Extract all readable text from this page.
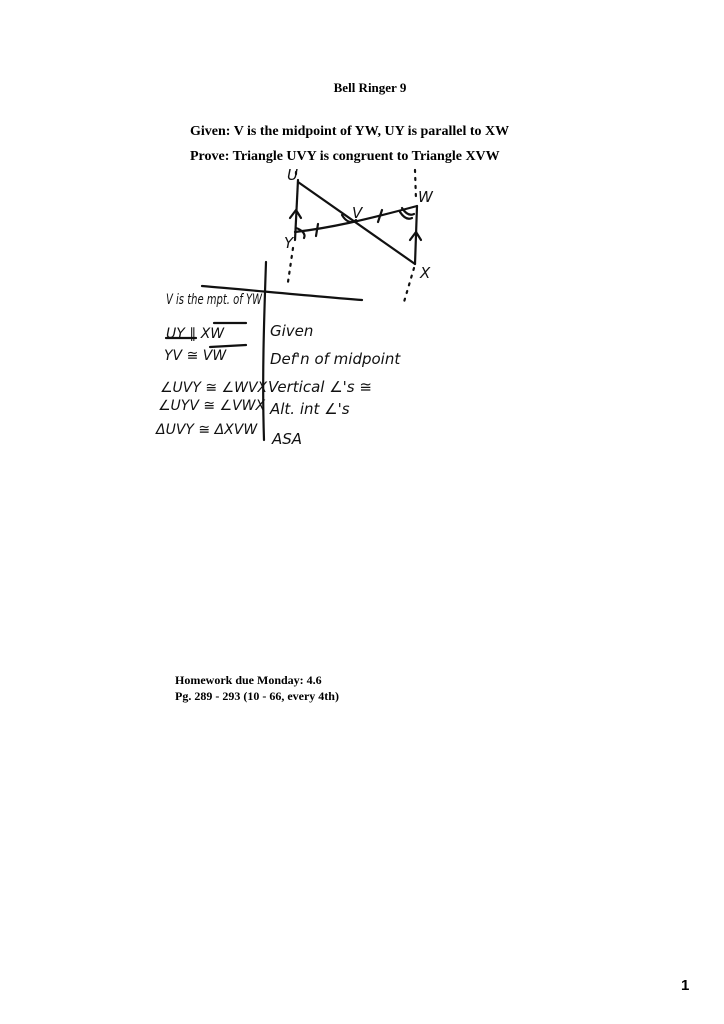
Bell Ringer 9
Given: V is the midpoint of YW, UY is parallel to XW
Prove: Triangle UVY is congruent to Triangle XVW
U
Y
V
W
X
V is the mpt. of YW
UY ∥ XW
YV ≅ VW
∠UVY ≅ ∠WVX
∠UYV ≅ ∠VWX
ΔUVY ≅ ΔXVW
Given
Def'n of midpoint
Vertical ∠'s ≅
Alt. int ∠'s
ASA
Homework due Monday: 4.6
Pg. 289 - 293 (10 - 66, every 4th)
1
